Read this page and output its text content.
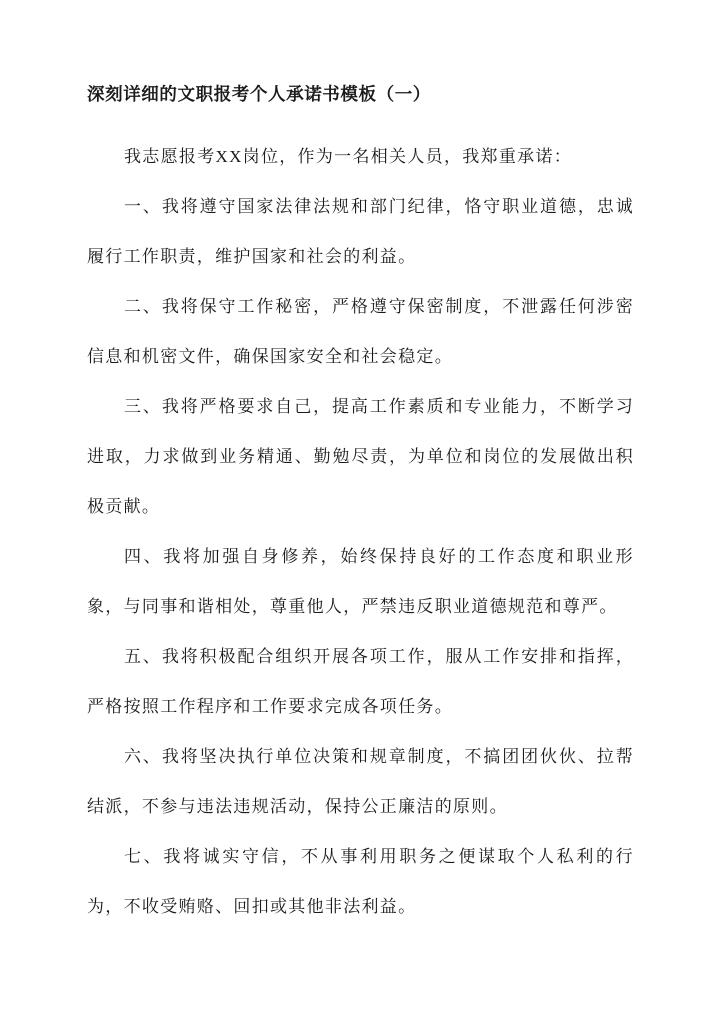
深刻详细的文职报考个人承诺书模板（一）

我志愿报考XX岗位，作为一名相关人员，我郑重承诺：

一、我将遵守国家法律法规和部门纪律，恪守职业道德，忠诚履行工作职责，维护国家和社会的利益。

二、我将保守工作秘密，严格遵守保密制度，不泄露任何涉密信息和机密文件，确保国家安全和社会稳定。

三、我将严格要求自己，提高工作素质和专业能力，不断学习进取，力求做到业务精通、勤勉尽责，为单位和岗位的发展做出积极贡献。

四、我将加强自身修养，始终保持良好的工作态度和职业形象，与同事和谐相处，尊重他人，严禁违反职业道德规范和尊严。

五、我将积极配合组织开展各项工作，服从工作安排和指挥，严格按照工作程序和工作要求完成各项任务。

六、我将坚决执行单位决策和规章制度，不搞团团伙伙、拉帮结派，不参与违法违规活动，保持公正廉洁的原则。

七、我将诚实守信，不从事利用职务之便谋取个人私利的行为，不收受贿赂、回扣或其他非法利益。
